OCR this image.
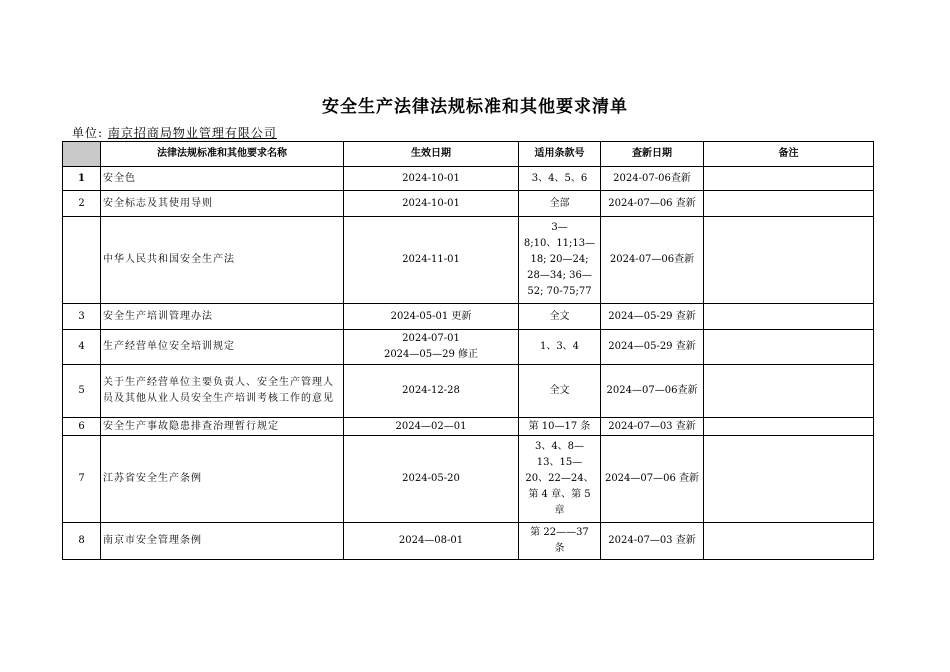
安全生产法律法规标准和其他要求清单
单位: 南京招商局物业管理有限公司
	法律法规标准和其他要求名称	生效日期	适用条款号	查新日期	备注
1	安全色	2024-10-01	3、4、5、6	2024-07-06查新	
2	安全标志及其使用导则	2024-10-01	全部	2024-07—06 查新	
	中华人民共和国安全生产法	2024-11-01	3—
8;10、11;13—
18; 20—24;
28—34; 36—
52; 70-75;77	2024-07—06查新	
3	安全生产培训管理办法	2024-05-01 更新	全文	2024—05-29 查新	
4	生产经营单位安全培训规定	2024-07-01
2024—05—29 修正	1、3、4	2024—05-29 查新	
5	关于生产经营单位主要负责人、安全生产管理人员及其他从业人员安全生产培训考核工作的意见	2024-12-28	全文	2024—07—06查新	
6	安全生产事故隐患排查治理暂行规定	2024—02—01	第 10—17 条	2024-07—03 查新	
7	江苏省安全生产条例	2024-05-20	3、4、8—
13、15—
20、22—24、
第 4 章、第 5
章	2024—07—06 查新	
8	南京市安全管理条例	2024—08-01	第 22——37
条	2024-07—03 查新	
